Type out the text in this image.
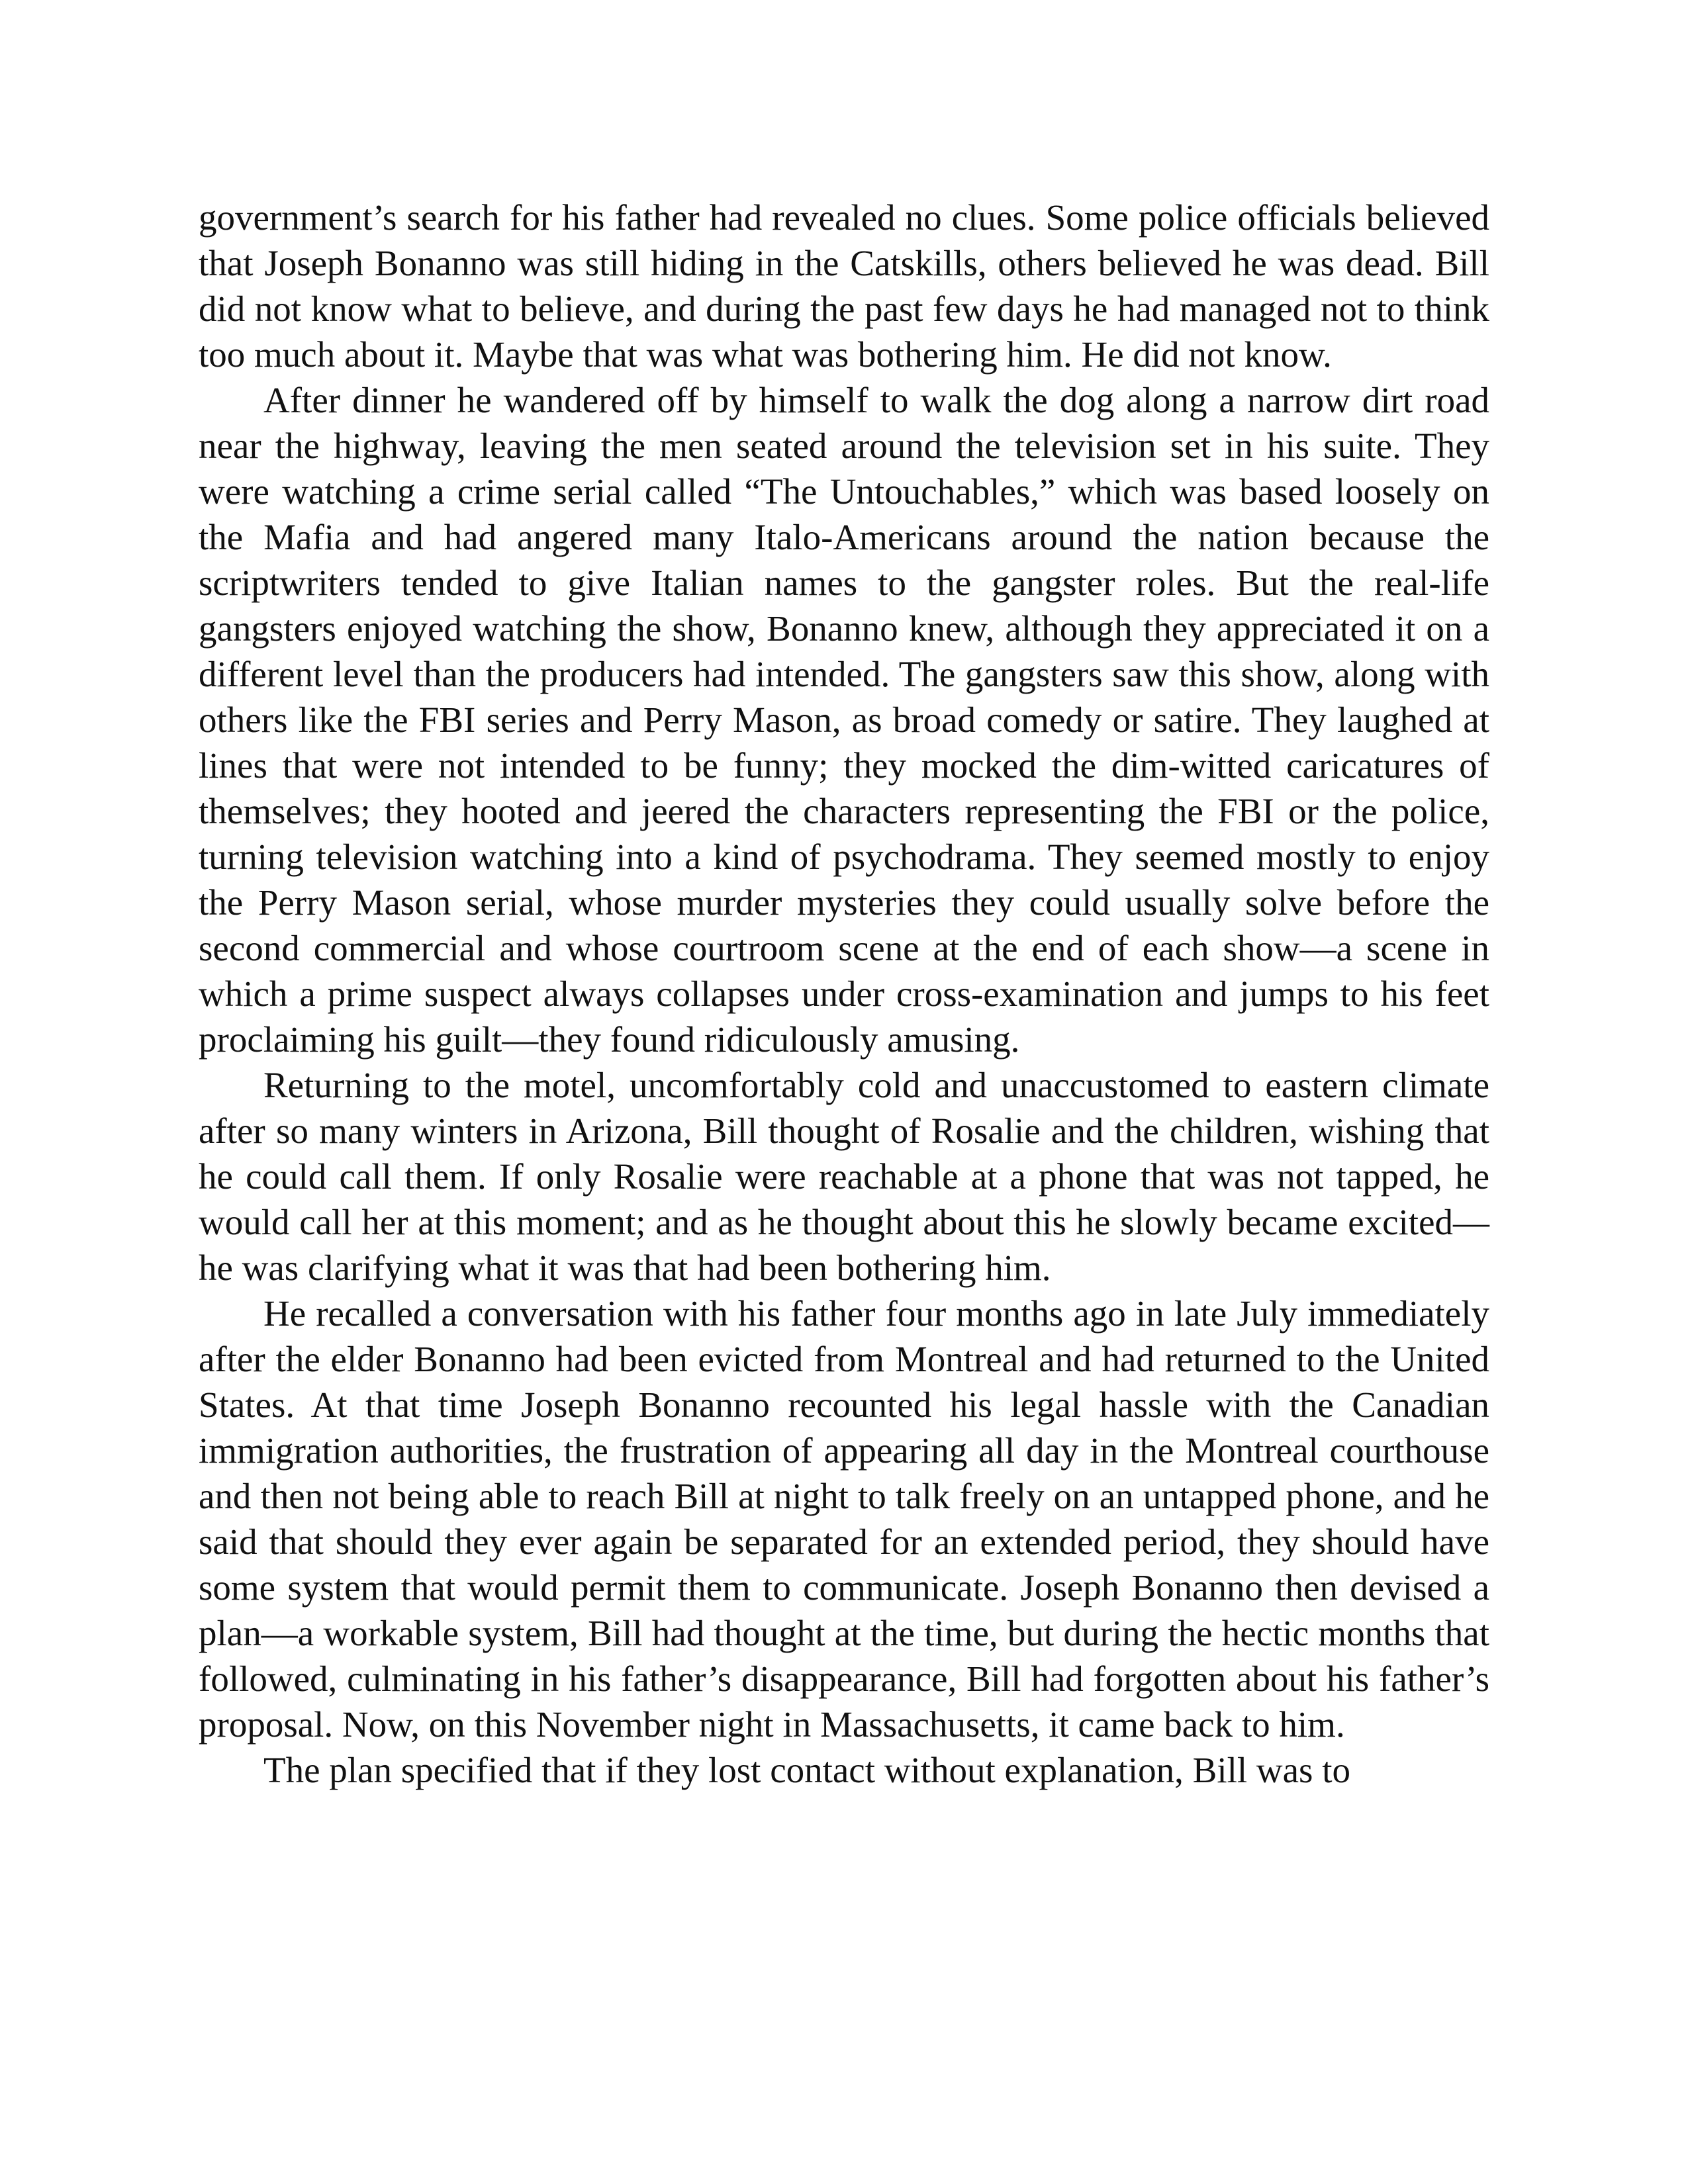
government’s search for his father had revealed no clues. Some police officials believed that Joseph Bonanno was still hiding in the Catskills, others believed he was dead. Bill did not know what to believe, and during the past few days he had managed not to think too much about it. Maybe that was what was bothering him. He did not know.

After dinner he wandered off by himself to walk the dog along a narrow dirt road near the highway, leaving the men seated around the television set in his suite. They were watching a crime serial called “The Untouchables,” which was based loosely on the Mafia and had angered many Italo-Americans around the nation because the scriptwriters tended to give Italian names to the gangster roles. But the real-life gangsters enjoyed watching the show, Bonanno knew, although they appreciated it on a different level than the producers had intended. The gangsters saw this show, along with others like the FBI series and Perry Mason, as broad comedy or satire. They laughed at lines that were not intended to be funny; they mocked the dim-witted caricatures of themselves; they hooted and jeered the characters representing the FBI or the police, turning television watching into a kind of psychodrama. They seemed mostly to enjoy the Perry Mason serial, whose murder mysteries they could usually solve before the second commercial and whose courtroom scene at the end of each show—a scene in which a prime suspect always collapses under cross-examination and jumps to his feet proclaiming his guilt—they found ridiculously amusing.

Returning to the motel, uncomfortably cold and unaccustomed to eastern climate after so many winters in Arizona, Bill thought of Rosalie and the children, wishing that he could call them. If only Rosalie were reachable at a phone that was not tapped, he would call her at this moment; and as he thought about this he slowly became excited—he was clarifying what it was that had been bothering him.

He recalled a conversation with his father four months ago in late July immediately after the elder Bonanno had been evicted from Montreal and had returned to the United States. At that time Joseph Bonanno recounted his legal hassle with the Canadian immigration authorities, the frustration of appearing all day in the Montreal courthouse and then not being able to reach Bill at night to talk freely on an untapped phone, and he said that should they ever again be separated for an extended period, they should have some system that would permit them to communicate. Joseph Bonanno then devised a plan—a workable system, Bill had thought at the time, but during the hectic months that followed, culminating in his father’s disappearance, Bill had forgotten about his father’s proposal. Now, on this November night in Massachusetts, it came back to him.

The plan specified that if they lost contact without explanation, Bill was to
